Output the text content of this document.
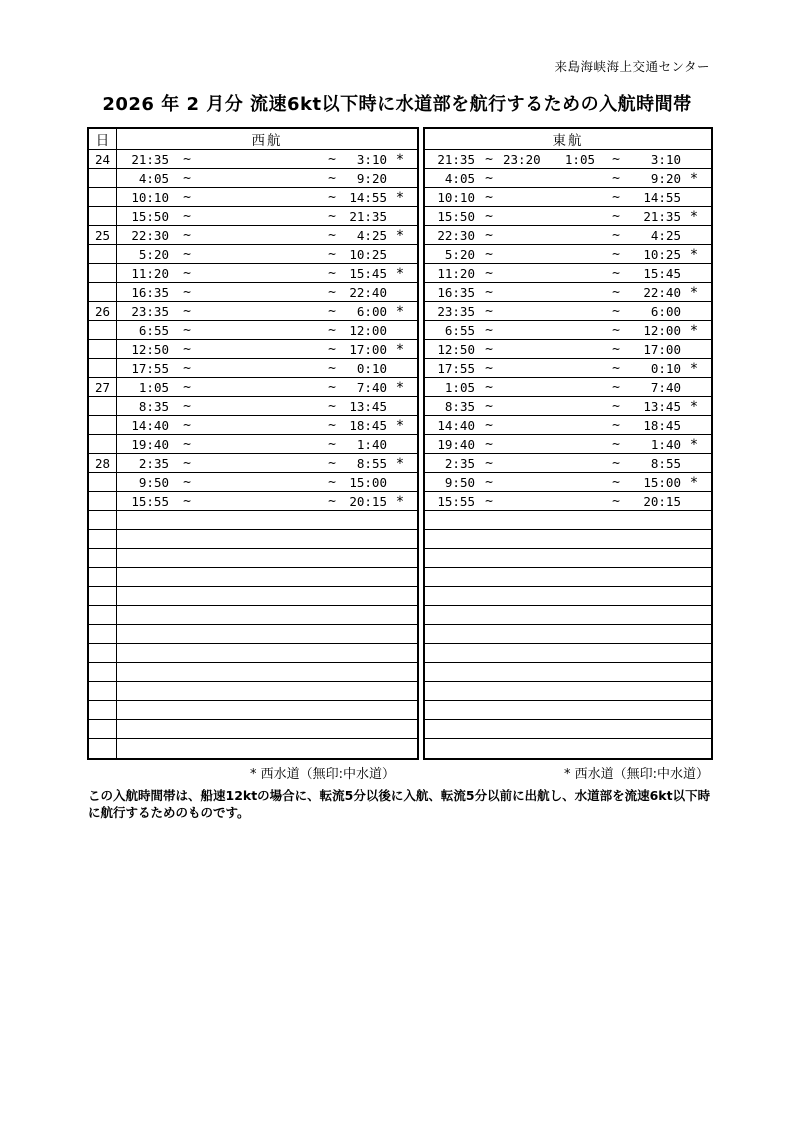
来島海峡海上交通センター
2026 年 2 月分 流速6kt以下時に水道部を航行するための入航時間帯
日	西航
24	21:35	~	~	3:10 *
4:05	~	~	9:20
10:10	~	~	14:55 *
15:50	~	~	21:35
25	22:30	~	~	4:25 *
5:20	~	~	10:25
11:20	~	~	15:45 *
16:35	~	~	22:40
26	23:35	~	~	6:00 *
6:55	~	~	12:00
12:50	~	~	17:00 *
17:55	~	~	0:10
27	1:05	~	~	7:40 *
8:35	~	~	13:45
14:40	~	~	18:45 *
19:40	~	~	1:40
28	2:35	~	~	8:55 *
9:50	~	~	15:00
15:55	~	~	20:15 *
東航
21:35 ~ 23:20	1:05	~	3:10
4:05 ~	~	9:20 *
10:10 ~	~	14:55
15:50 ~	~	21:35 *
22:30 ~	~	4:25
5:20 ~	~	10:25 *
11:20 ~	~	15:45
16:35 ~	~	22:40 *
23:35 ~	~	6:00
6:55 ~	~	12:00 *
12:50 ~	~	17:00
17:55 ~	~	0:10 *
1:05 ~	~	7:40
8:35 ~	~	13:45 *
14:40 ~	~	18:45
19:40 ~	~	1:40 *
2:35 ~	~	8:55
9:50 ~	~	15:00 *
15:55 ~	~	20:15
* 西水道（無印:中水道）	* 西水道（無印:中水道）
この入航時間帯は、船速12ktの場合に、転流5分以後に入航、転流5分以前に出航し、水道部を流速6kt以下時
に航行するためのものです。
